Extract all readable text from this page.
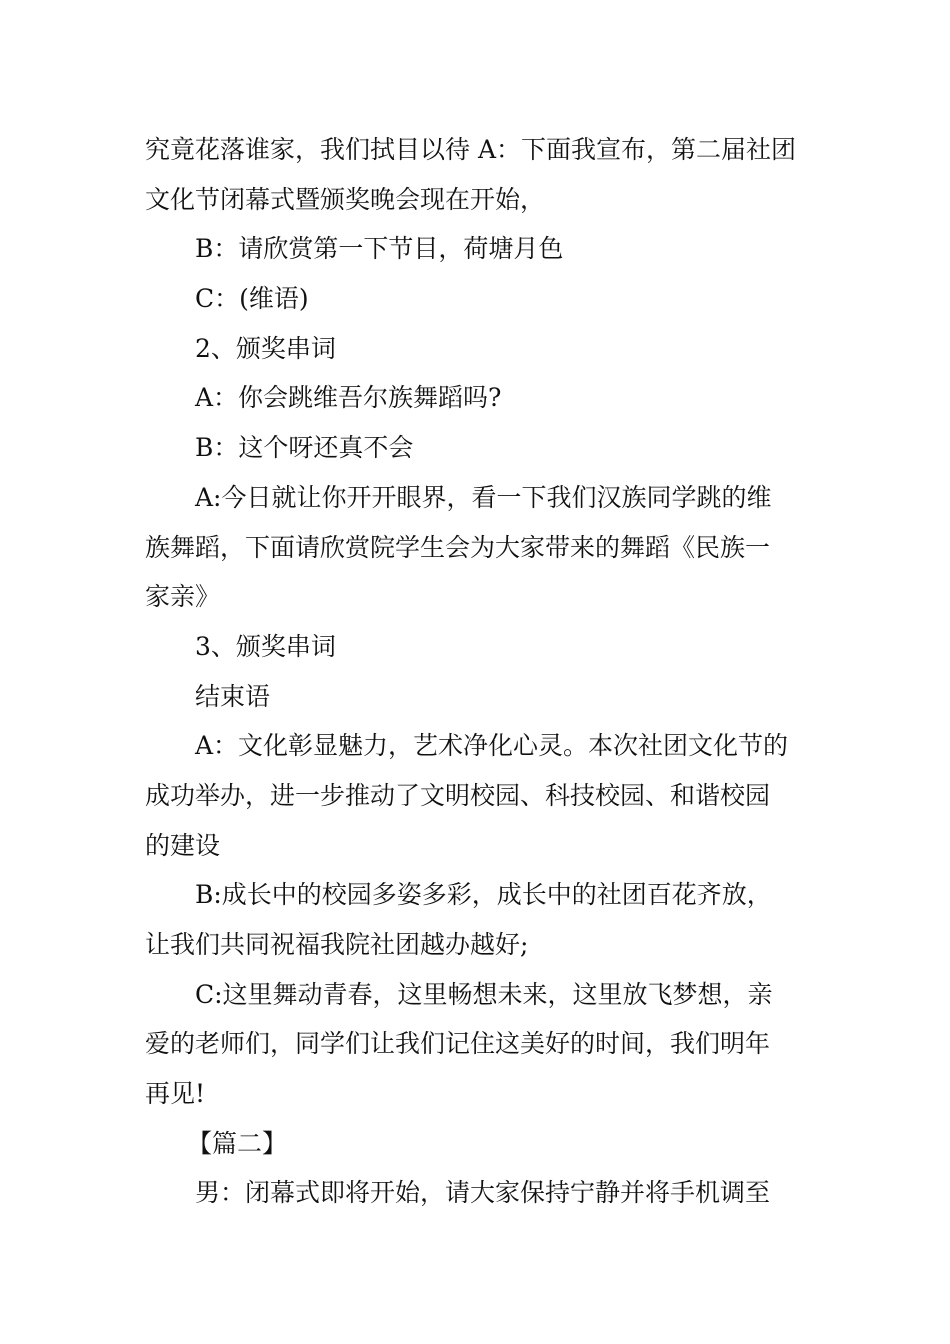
究竟花落谁家，我们拭目以待 A：下面我宣布，第二届社团
文化节闭幕式暨颁奖晚会现在开始，
B：请欣赏第一下节目，荷塘月色
C：(维语)
2、颁奖串词
A：你会跳维吾尔族舞蹈吗?
B：这个呀还真不会
A:今日就让你开开眼界，看一下我们汉族同学跳的维
族舞蹈，下面请欣赏院学生会为大家带来的舞蹈《民族一
家亲》
3、颁奖串词
结束语
A：文化彰显魅力，艺术净化心灵。本次社团文化节的
成功举办，进一步推动了文明校园、科技校园、和谐校园
的建设
B:成长中的校园多姿多彩，成长中的社团百花齐放，
让我们共同祝福我院社团越办越好;
C:这里舞动青春，这里畅想未来，这里放飞梦想，亲
爱的老师们，同学们让我们记住这美好的时间，我们明年
再见!
【篇二】
男：闭幕式即将开始，请大家保持宁静并将手机调至
